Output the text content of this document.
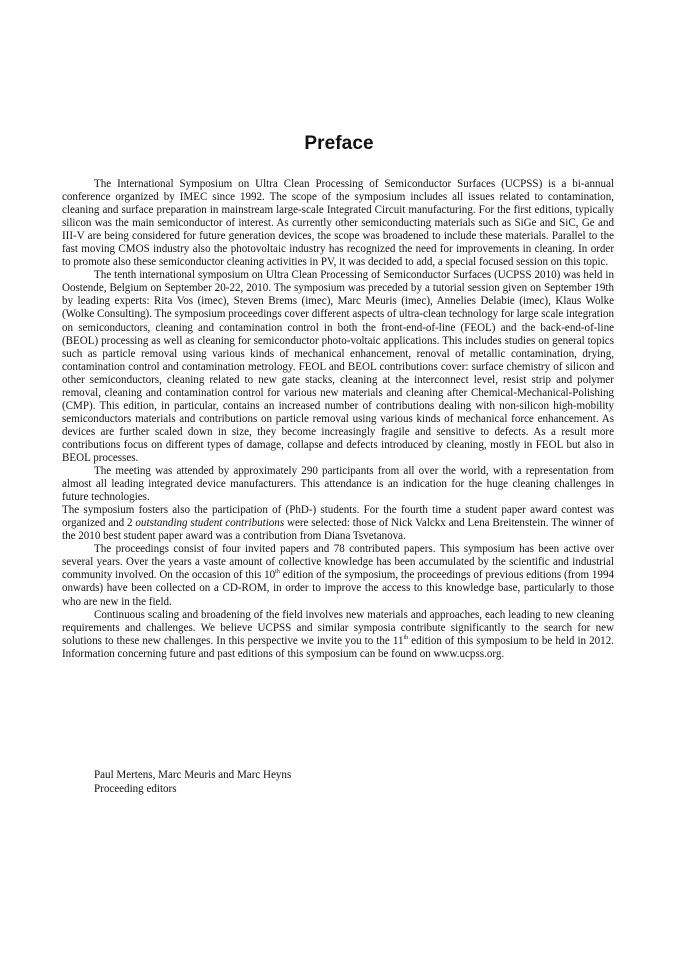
Preface

The International Symposium on Ultra Clean Processing of Semiconductor Surfaces (UCPSS) is a bi-annual conference organized by IMEC since 1992. The scope of the symposium includes all issues related to contamination, cleaning and surface preparation in mainstream large-scale Integrated Circuit manufacturing. For the first editions, typically silicon was the main semiconductor of interest. As currently other semiconducting materials such as SiGe and SiC, Ge and III-V are being considered for future generation devices, the scope was broadened to include these materials. Parallel to the fast moving CMOS industry also the photovoltaic industry has recognized the need for improvements in cleaning. In order to promote also these semiconductor cleaning activities in PV, it was decided to add, a special focused session on this topic.

The tenth international symposium on Ultra Clean Processing of Semiconductor Surfaces (UCPSS 2010) was held in Oostende, Belgium on September 20-22, 2010. The symposium was preceded by a tutorial session given on September 19th by leading experts: Rita Vos (imec), Steven Brems (imec), Marc Meuris (imec), Annelies Delabie (imec), Klaus Wolke (Wolke Consulting). The symposium proceedings cover different aspects of ultra-clean technology for large scale integration on semiconductors, cleaning and contamination control in both the front-end-of-line (FEOL) and the back-end-of-line (BEOL) processing as well as cleaning for semiconductor photo-voltaic applications. This includes studies on general topics such as particle removal using various kinds of mechanical enhancement, renoval of metallic contamination, drying, contamination control and contamination metrology. FEOL and BEOL contributions cover: surface chemistry of silicon and other semiconductors, cleaning related to new gate stacks, cleaning at the interconnect level, resist strip and polymer removal, cleaning and contamination control for various new materials and cleaning after Chemical-Mechanical-Polishing (CMP). This edition, in particular, contains an increased number of contributions dealing with non-silicon high-mobility semiconductors materials and contributions on particle removal using various kinds of mechanical force enhancement. As devices are further scaled down in size, they become increasingly fragile and sensitive to defects. As a result more contributions focus on different types of damage, collapse and defects introduced by cleaning, mostly in FEOL but also in BEOL processes.

The meeting was attended by approximately 290 participants from all over the world, with a representation from almost all leading integrated device manufacturers. This attendance is an indication for the huge cleaning challenges in future technologies.

The symposium fosters also the participation of (PhD-) students. For the fourth time a student paper award contest was organized and 2 outstanding student contributions were selected: those of Nick Valckx and Lena Breitenstein. The winner of the 2010 best student paper award was a contribution from Diana Tsvetanova.

The proceedings consist of four invited papers and 78 contributed papers. This symposium has been active over several years. Over the years a vaste amount of collective knowledge has been accumulated by the scientific and industrial community involved. On the occasion of this 10th edition of the symposium, the proceedings of previous editions (from 1994 onwards) have been collected on a CD-ROM, in order to improve the access to this knowledge base, particularly to those who are new in the field.

Continuous scaling and broadening of the field involves new materials and approaches, each leading to new cleaning requirements and challenges. We believe UCPSS and similar symposia contribute significantly to the search for new solutions to these new challenges. In this perspective we invite you to the 11th edition of this symposium to be held in 2012. Information concerning future and past editions of this symposium can be found on www.ucpss.org.

Paul Mertens, Marc Meuris and Marc Heyns
Proceeding editors
